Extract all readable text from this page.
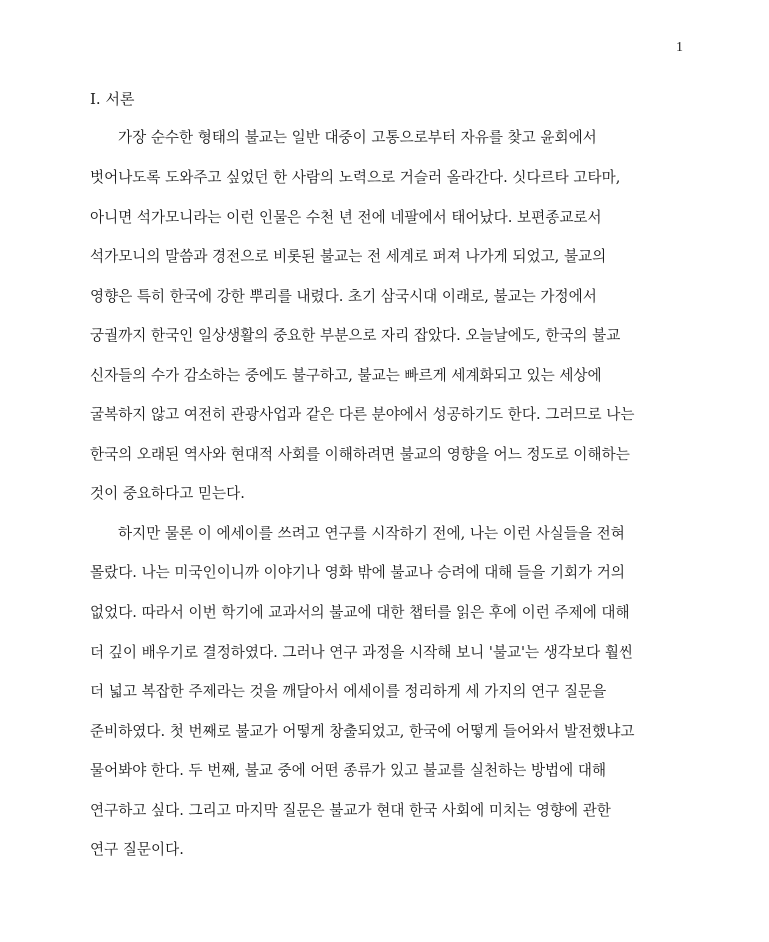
1
I. 서론
가장 순수한 형태의 불교는 일반 대중이 고통으로부터 자유를 찾고 윤회에서
벗어나도록 도와주고 싶었던 한 사람의 노력으로 거슬러 올라간다. 싯다르타 고타마,
아니면 석가모니라는 이런 인물은 수천 년 전에 네팔에서 태어났다. 보편종교로서
석가모니의 말씀과 경전으로 비롯된 불교는 전 세계로 퍼져 나가게 되었고, 불교의
영향은 특히 한국에 강한 뿌리를 내렸다. 초기 삼국시대 이래로, 불교는 가정에서
궁궐까지 한국인 일상생활의 중요한 부분으로 자리 잡았다. 오늘날에도, 한국의 불교
신자들의 수가 감소하는 중에도 불구하고, 불교는 빠르게 세계화되고 있는 세상에
굴복하지 않고 여전히 관광사업과 같은 다른 분야에서 성공하기도 한다. 그러므로 나는
한국의 오래된 역사와 현대적 사회를 이해하려면 불교의 영향을 어느 정도로 이해하는
것이 중요하다고 믿는다.
하지만 물론 이 에세이를 쓰려고 연구를 시작하기 전에, 나는 이런 사실들을 전혀
몰랐다. 나는 미국인이니까 이야기나 영화 밖에 불교나 승려에 대해 들을 기회가 거의
없었다. 따라서 이번 학기에 교과서의 불교에 대한 챕터를 읽은 후에 이런 주제에 대해
더 깊이 배우기로 결정하였다. 그러나 연구 과정을 시작해 보니 '불교'는 생각보다 훨씬
더 넓고 복잡한 주제라는 것을 깨달아서 에세이를 정리하게 세 가지의 연구 질문을
준비하였다. 첫 번째로 불교가 어떻게 창출되었고, 한국에 어떻게 들어와서 발전했냐고
물어봐야 한다. 두 번째, 불교 중에 어떤 종류가 있고 불교를 실천하는 방법에 대해
연구하고 싶다. 그리고 마지막 질문은 불교가 현대 한국 사회에 미치는 영향에 관한
연구 질문이다.
